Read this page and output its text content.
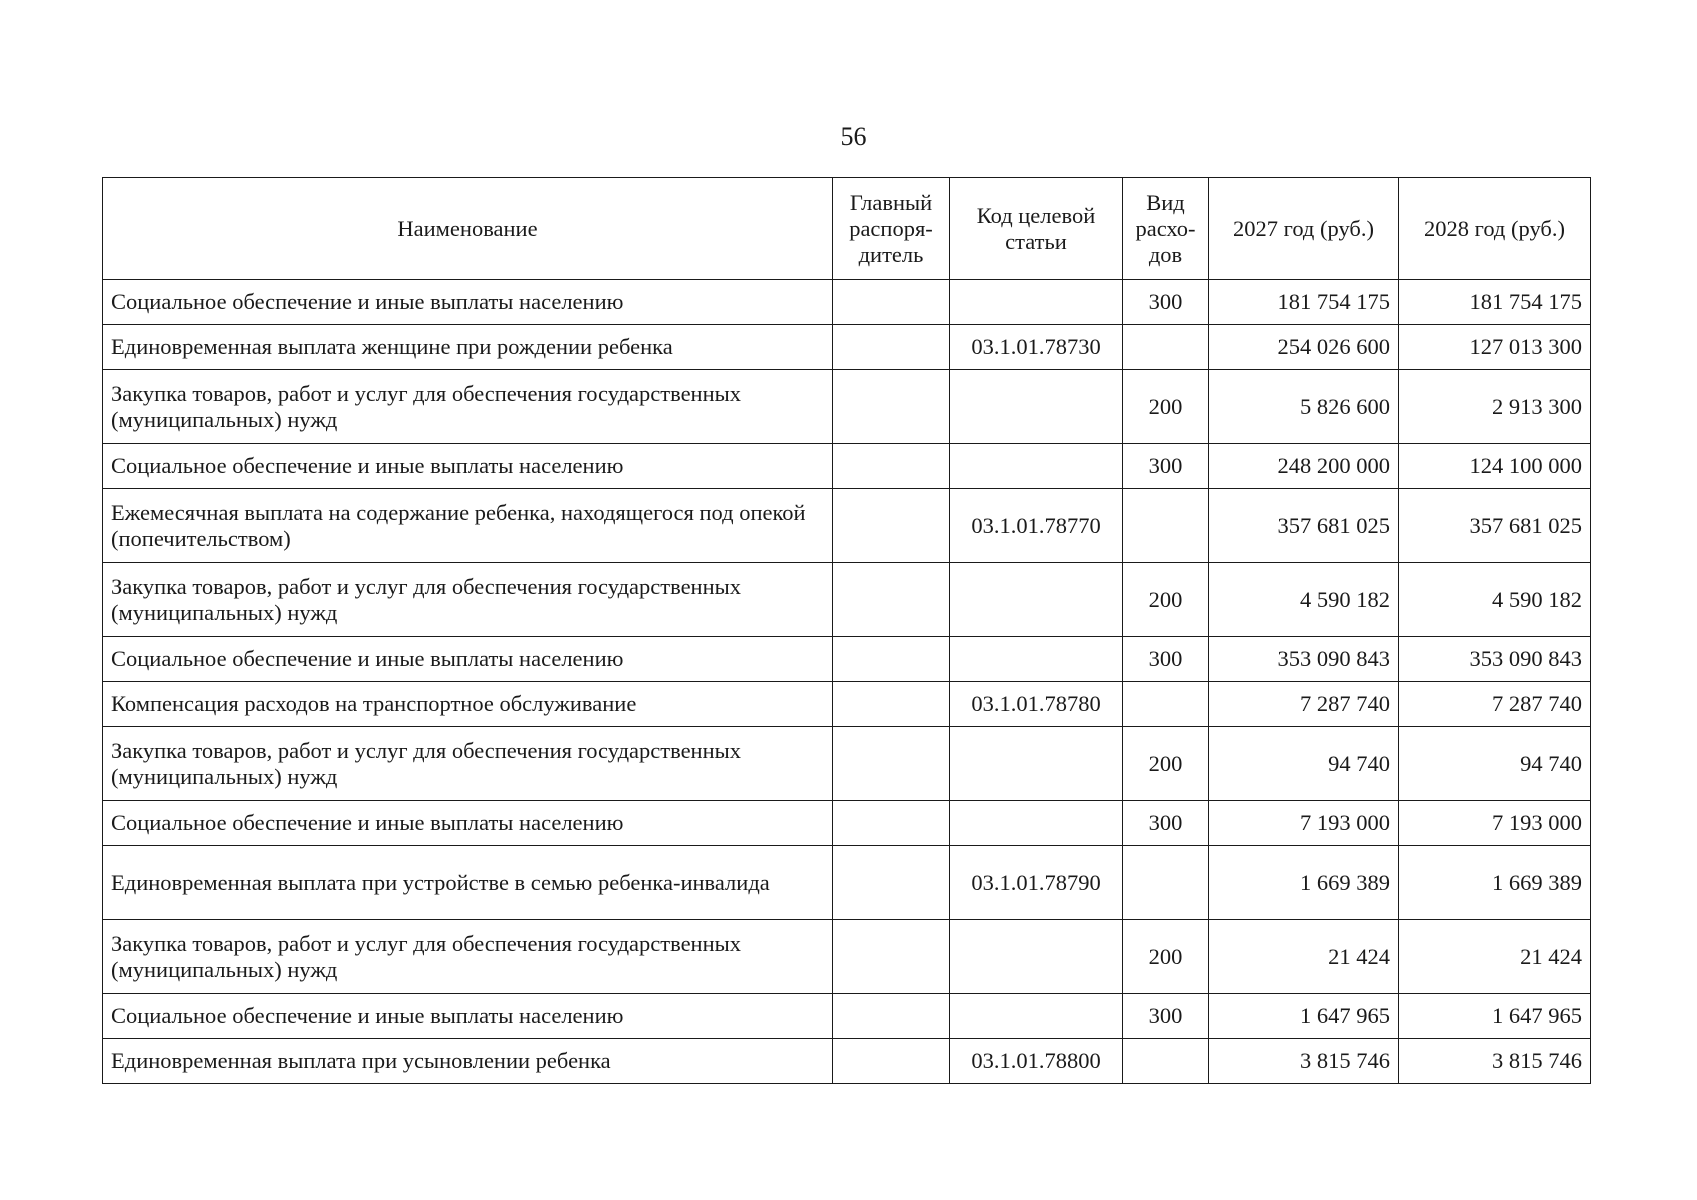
56
Наименование	Главный распоря-дитель	Код целевой статьи	Вид расхо-дов	2027 год (руб.)	2028 год (руб.)
Социальное обеспечение и иные выплаты населению			300	181 754 175	181 754 175
Единовременная выплата женщине при рождении ребенка		03.1.01.78730		254 026 600	127 013 300
Закупка товаров, работ и услуг для обеспечения государственных (муниципальных) нужд			200	5 826 600	2 913 300
Социальное обеспечение и иные выплаты населению			300	248 200 000	124 100 000
Ежемесячная выплата на содержание ребенка, находящегося под опекой (попечительством)		03.1.01.78770		357 681 025	357 681 025
Закупка товаров, работ и услуг для обеспечения государственных (муниципальных) нужд			200	4 590 182	4 590 182
Социальное обеспечение и иные выплаты населению			300	353 090 843	353 090 843
Компенсация расходов на транспортное обслуживание		03.1.01.78780		7 287 740	7 287 740
Закупка товаров, работ и услуг для обеспечения государственных (муниципальных) нужд			200	94 740	94 740
Социальное обеспечение и иные выплаты населению			300	7 193 000	7 193 000
Единовременная выплата при устройстве в семью ребенка-инвалида		03.1.01.78790		1 669 389	1 669 389
Закупка товаров, работ и услуг для обеспечения государственных (муниципальных) нужд			200	21 424	21 424
Социальное обеспечение и иные выплаты населению			300	1 647 965	1 647 965
Единовременная выплата при усыновлении ребенка		03.1.01.78800		3 815 746	3 815 746
